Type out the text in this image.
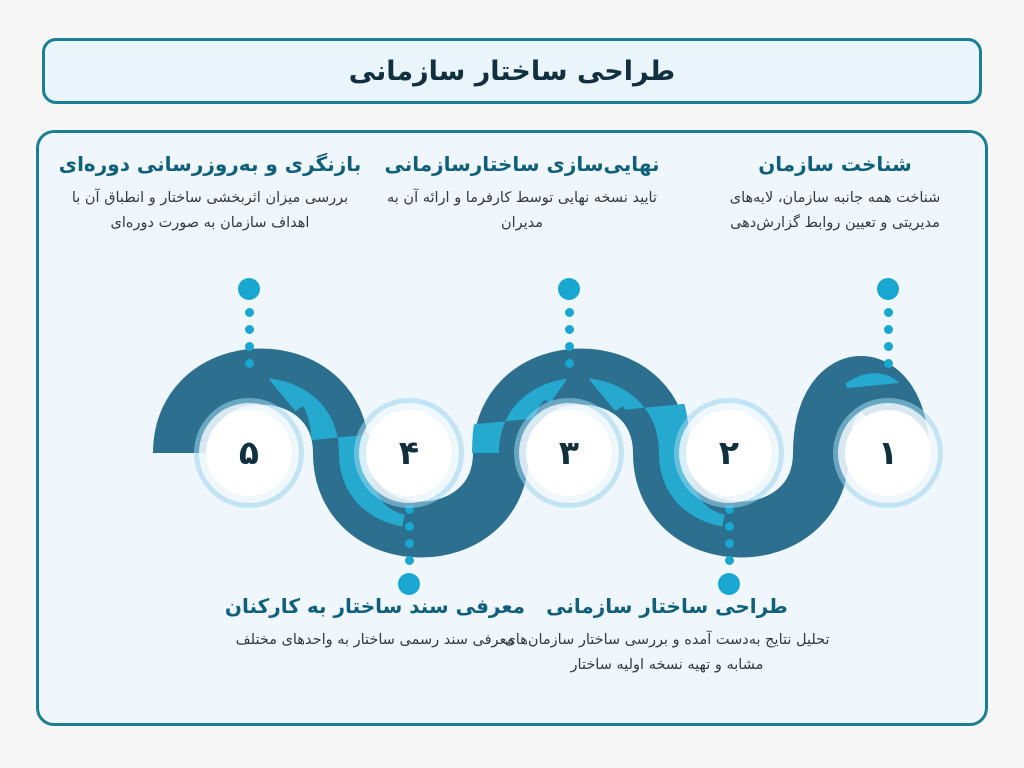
طراحی ساختار سازمانی
۱
شناخت سازمان
شناخت همه جانبه سازمان، لایه‌های مدیریتی و تعیین روابط گزارش‌دهی
۲
طراحی ساختار سازمانی
تحلیل نتایج به‌دست آمده و بررسی ساختار سازمان‌های مشابه و تهیه نسخه اولیه ساختار
۳
نهایی‌سازی ساختارسازمانی
تایید نسخه نهایی توسط کارفرما و ارائه آن به مدیران
۴
معرفی سند ساختار به کارکنان
معرفی سند رسمی ساختار به واحدهای مختلف
۵
بازنگری و به‌روزرسانی دوره‌ای
بررسی میزان اثربخشی ساختار و انطباق آن با اهداف سازمان به صورت دوره‌ای
